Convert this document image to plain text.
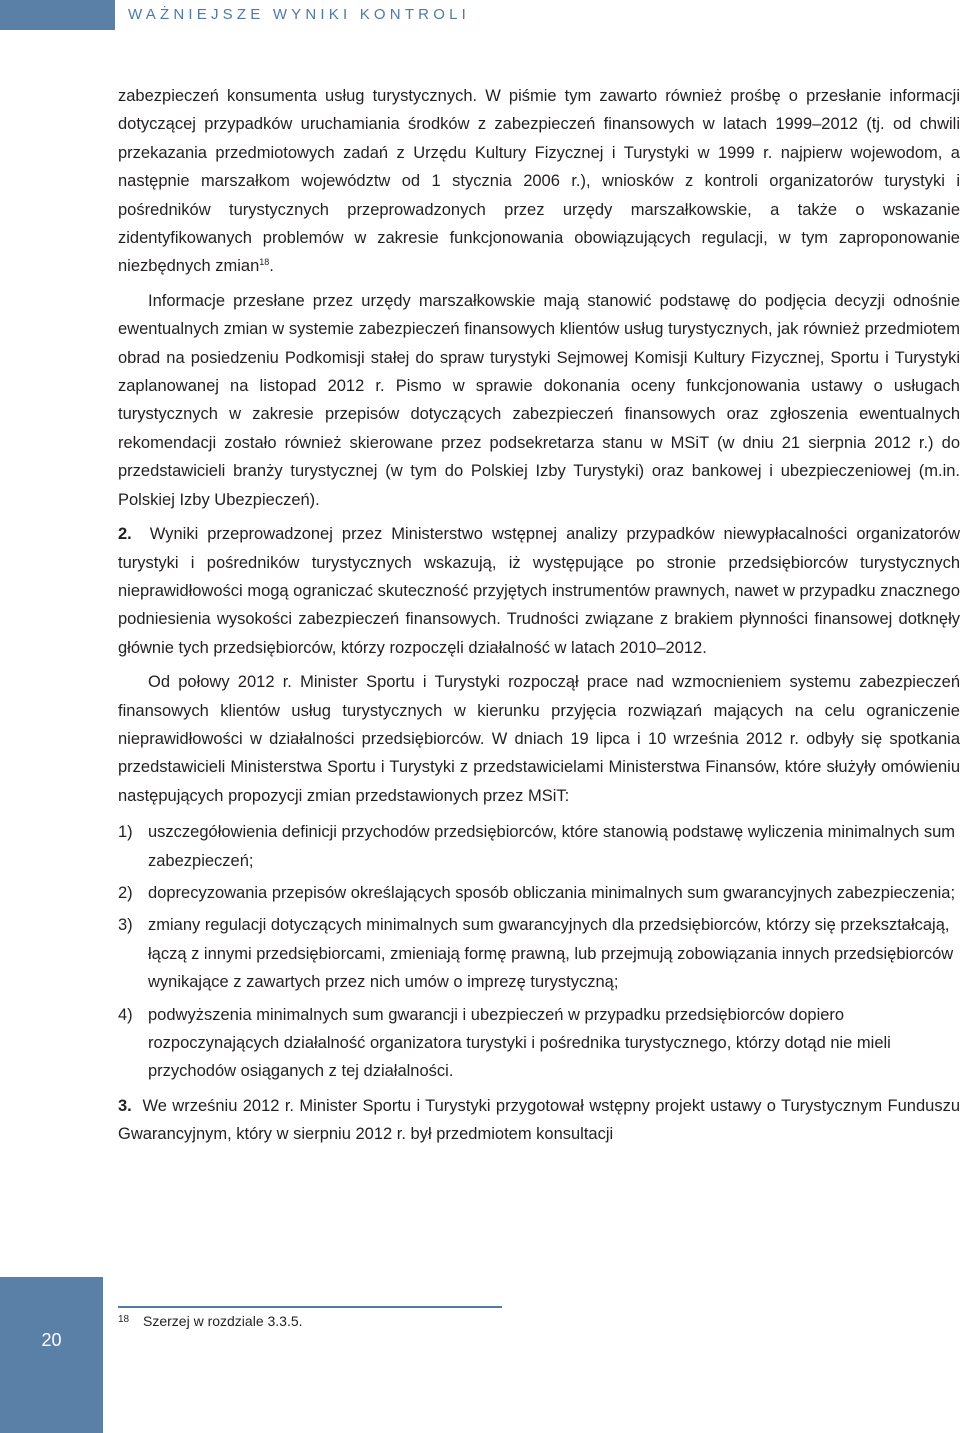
WAŻNIEJSZE WYNIKI KONTROLI

zabezpieczeń konsumenta usług turystycznych. W piśmie tym zawarto również prośbę o przesłanie informacji dotyczącej przypadków uruchamiania środków z zabezpieczeń finansowych w latach 1999–2012 (tj. od chwili przekazania przedmiotowych zadań z Urzędu Kultury Fizycznej i Turystyki w 1999 r. najpierw wojewodom, a następnie marszałkom województw od 1 stycznia 2006 r.), wniosków z kontroli organizatorów turystyki i pośredników turystycznych przeprowadzonych przez urzędy marszałkowskie, a także o wskazanie zidentyfikowanych problemów w zakresie funkcjonowania obowiązujących regulacji, w tym zaproponowanie niezbędnych zmian$^{18}$.

Informacje przesłane przez urzędy marszałkowskie mają stanowić podstawę do podjęcia decyzji odnośnie ewentualnych zmian w systemie zabezpieczeń finansowych klientów usług turystycznych, jak również przedmiotem obrad na posiedzeniu Podkomisji stałej do spraw turystyki Sejmowej Komisji Kultury Fizycznej, Sportu i Turystyki zaplanowanej na listopad 2012 r. Pismo w sprawie dokonania oceny funkcjonowania ustawy o usługach turystycznych w zakresie przepisów dotyczących zabezpieczeń finansowych oraz zgłoszenia ewentualnych rekomendacji zostało również skierowane przez podsekretarza stanu w MSiT (w dniu 21 sierpnia 2012 r.) do przedstawicieli branży turystycznej (w tym do Polskiej Izby Turystyki) oraz bankowej i ubezpieczeniowej (m.in. Polskiej Izby Ubezpieczeń).

2. Wyniki przeprowadzonej przez Ministerstwo wstępnej analizy przypadków niewypłacalności organizatorów turystyki i pośredników turystycznych wskazują, iż występujące po stronie przedsiębiorców turystycznych nieprawidłowości mogą ograniczać skuteczność przyjętych instrumentów prawnych, nawet w przypadku znacznego podniesienia wysokości zabezpieczeń finansowych. Trudności związane z brakiem płynności finansowej dotknęły głównie tych przedsiębiorców, którzy rozpoczęli działalność w latach 2010–2012.

Od połowy 2012 r. Minister Sportu i Turystyki rozpoczął prace nad wzmocnieniem systemu zabezpieczeń finansowych klientów usług turystycznych w kierunku przyjęcia rozwiązań mających na celu ograniczenie nieprawidłowości w działalności przedsiębiorców. W dniach 19 lipca i 10 września 2012 r. odbyły się spotkania przedstawicieli Ministerstwa Sportu i Turystyki z przedstawicielami Ministerstwa Finansów, które służyły omówieniu następujących propozycji zmian przedstawionych przez MSiT:

1) uszczegółowienia definicji przychodów przedsiębiorców, które stanowią podstawę wyliczenia minimalnych sum zabezpieczeń;
2) doprecyzowania przepisów określających sposób obliczania minimalnych sum gwarancyjnych zabezpieczenia;
3) zmiany regulacji dotyczących minimalnych sum gwarancyjnych dla przedsiębiorców, którzy się przekształcają, łączą z innymi przedsiębiorcami, zmieniają formę prawną, lub przejmują zobowiązania innych przedsiębiorców wynikające z zawartych przez nich umów o imprezę turystyczną;
4) podwyższenia minimalnych sum gwarancji i ubezpieczeń w przypadku przedsiębiorców dopiero rozpoczynających działalność organizatora turystyki i pośrednika turystycznego, którzy dotąd nie mieli przychodów osiąganych z tej działalności.

3. We wrześniu 2012 r. Minister Sportu i Turystyki przygotował wstępny projekt ustawy o Turystycznym Funduszu Gwarancyjnym, który w sierpniu 2012 r. był przedmiotem konsultacji

18 Szerzej w rozdziale 3.3.5.
20
